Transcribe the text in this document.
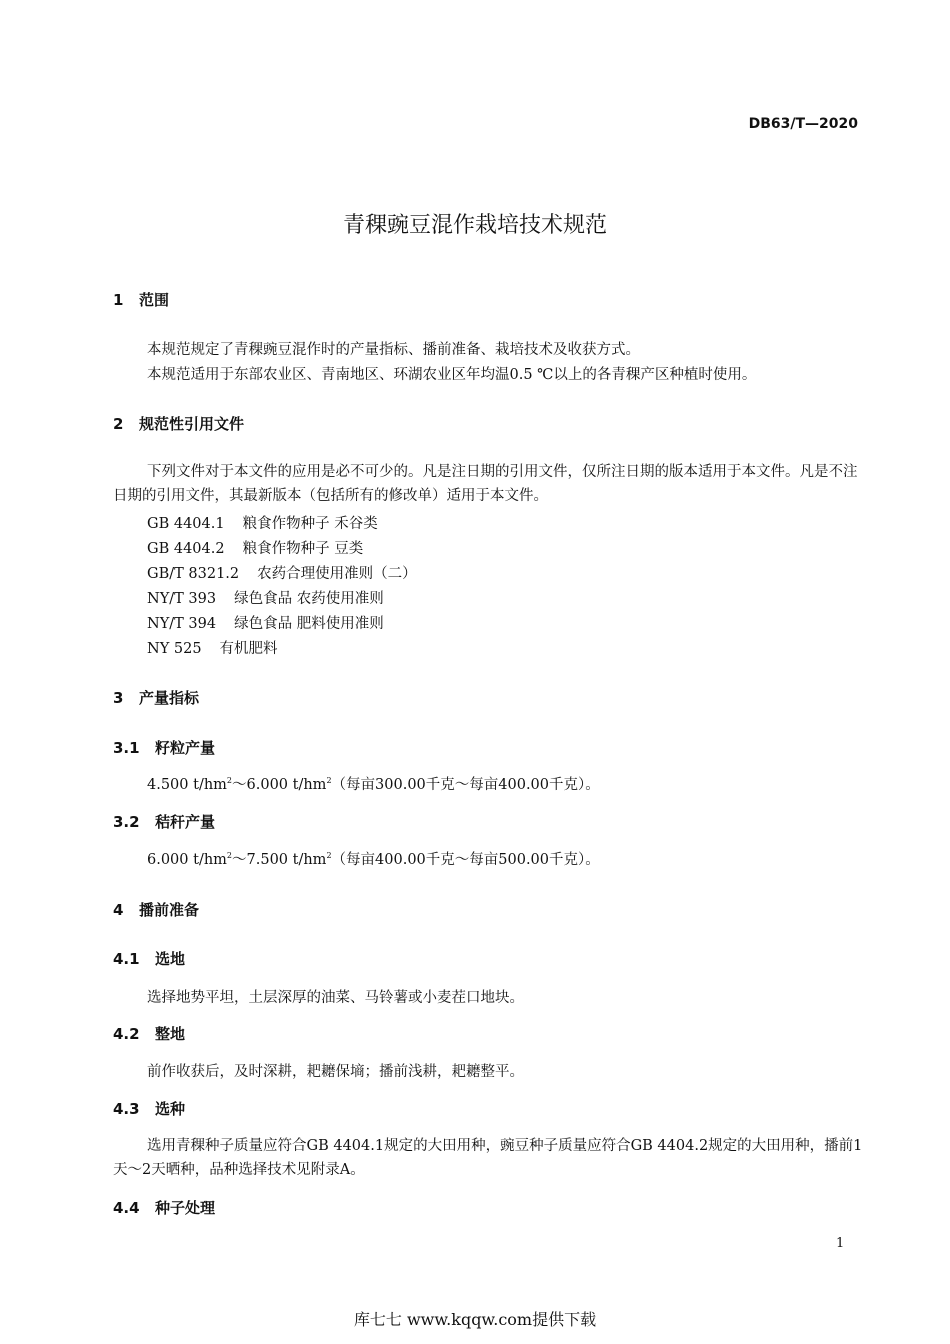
DB63/T—2020
青稞豌豆混作栽培技术规范
1 范围
本规范规定了青稞豌豆混作时的产量指标、播前准备、栽培技术及收获方式。
本规范适用于东部农业区、青南地区、环湖农业区年均温0.5 ℃以上的各青稞产区种植时使用。
2 规范性引用文件
下列文件对于本文件的应用是必不可少的。凡是注日期的引用文件，仅所注日期的版本适用于本文件。凡是不注日期的引用文件，其最新版本（包括所有的修改单）适用于本文件。
GB 4404.1 粮食作物种子 禾谷类
GB 4404.2 粮食作物种子 豆类
GB/T 8321.2 农药合理使用准则（二）
NY/T 393 绿色食品 农药使用准则
NY/T 394 绿色食品 肥料使用准则
NY 525 有机肥料
3 产量指标
3.1 籽粒产量
4.500 $t/hm^2\sim 6.000$ $t/hm^2$（每亩300.00千克～每亩400.00千克）。
3.2 秸秆产量
6.000 $t/hm^2\sim 7.500$ $t/hm^2$（每亩400.00千克～每亩500.00千克）。
4 播前准备
4.1 选地
选择地势平坦，土层深厚的油菜、马铃薯或小麦茬口地块。
4.2 整地
前作收获后，及时深耕，耙耱保墒；播前浅耕，耙耱整平。
4.3 选种
选用青稞种子质量应符合GB 4404.1规定的大田用种，豌豆种子质量应符合GB 4404.2规定的大田用种，播前1天～2天晒种，品种选择技术见附录A。
4.4 种子处理
1
库七七 www.kqqw.com提供下载
